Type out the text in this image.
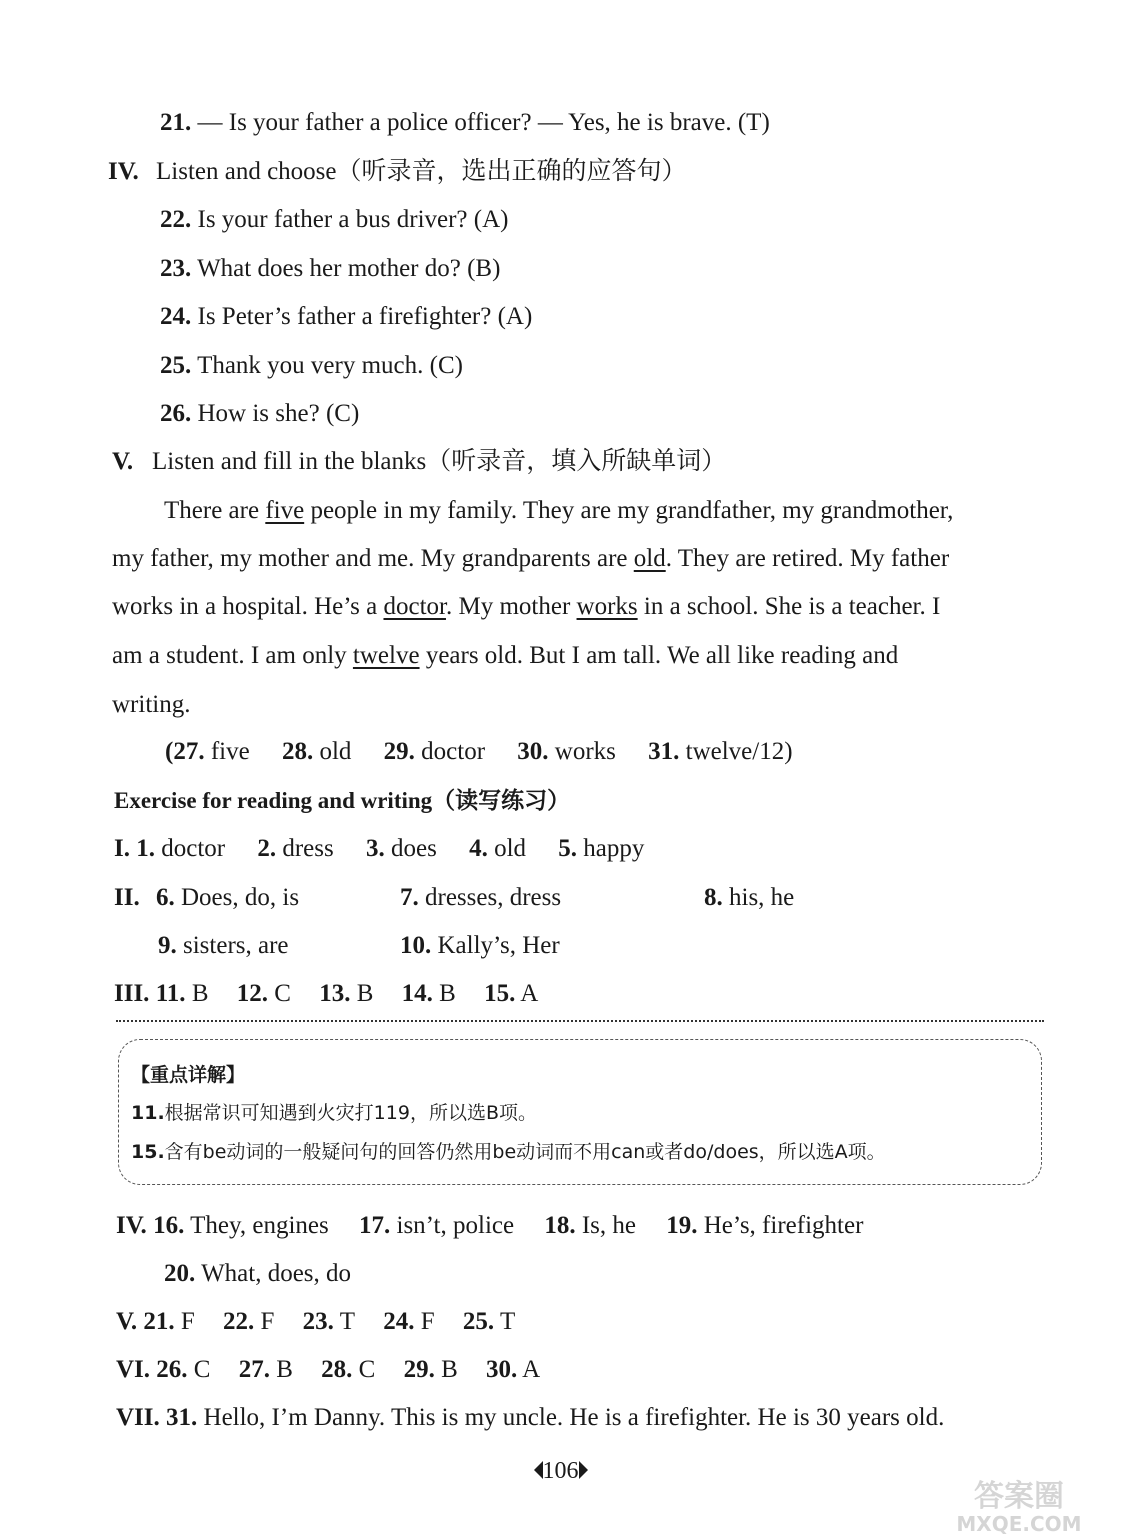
21. — Is your father a police officer? — Yes, he is brave. (T)
IV. Listen and choose（听录音，选出正确的应答句）
22. Is your father a bus driver? (A)
23. What does her mother do? (B)
24. Is Peter’s father a firefighter? (A)
25. Thank you very much. (C)
26. How is she? (C)
V. Listen and fill in the blanks（听录音，填入所缺单词）
There are five people in my family. They are my grandfather, my grandmother,
my father, my mother and me. My grandparents are old. They are retired. My father
works in a hospital. He’s a doctor. My mother works in a school. She is a teacher. I
am a student. I am only twelve years old. But I am tall. We all like reading and
writing.
(27. five 28. old 29. doctor 30. works 31. twelve/12)
Exercise for reading and writing（读写练习）
I. 1. doctor 2. dress 3. does 4. old 5. happy
II. 6. Does, do, is	7. dresses, dress	8. his, he
9. sisters, are	10. Kally’s, Her
III. 11. B 12. C 13. B 14. B 15. A
【重点详解】
11.根据常识可知遇到火灾打119，所以选B项。
15.含有be动词的一般疑问句的回答仍然用be动词而不用can或者do/does，所以选A项。
IV. 16. They, engines 17. isn’t, police 18. Is, he 19. He’s, firefighter
20. What, does, do
V. 21. F 22. F 23. T 24. F 25. T
VI. 26. C 27. B 28. C 29. B 30. A
VII. 31. Hello, I’m Danny. This is my uncle. He is a firefighter. He is 30 years old.
106
答案圈
MXQE.COM
